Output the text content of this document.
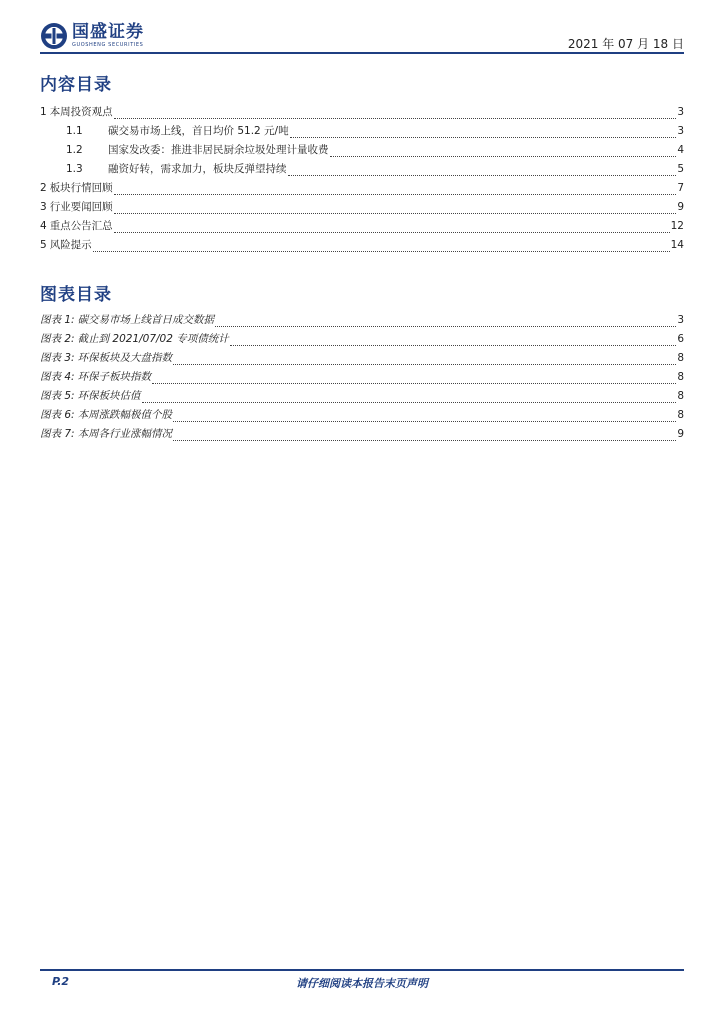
国盛证券
GUOSHENG SECURITIES	2021 年 07 月 18 日
内容目录
1 本周投资观点	3
1.1	碳交易市场上线，首日均价 51.2 元/吨	3
1.2	国家发改委：推进非居民厨余垃圾处理计量收费	4
1.3	融资好转，需求加力，板块反弹望持续	5
2 板块行情回顾	7
3 行业要闻回顾	9
4 重点公告汇总	12
5 风险提示	14
图表目录
图表 1: 碳交易市场上线首日成交数据	3
图表 2: 截止到 2021/07/02 专项债统计	6
图表 3: 环保板块及大盘指数	8
图表 4: 环保子板块指数	8
图表 5: 环保板块估值	8
图表 6: 本周涨跌幅极值个股	8
图表 7: 本周各行业涨幅情况	9
请仔细阅读本报告末页声明
P.2
